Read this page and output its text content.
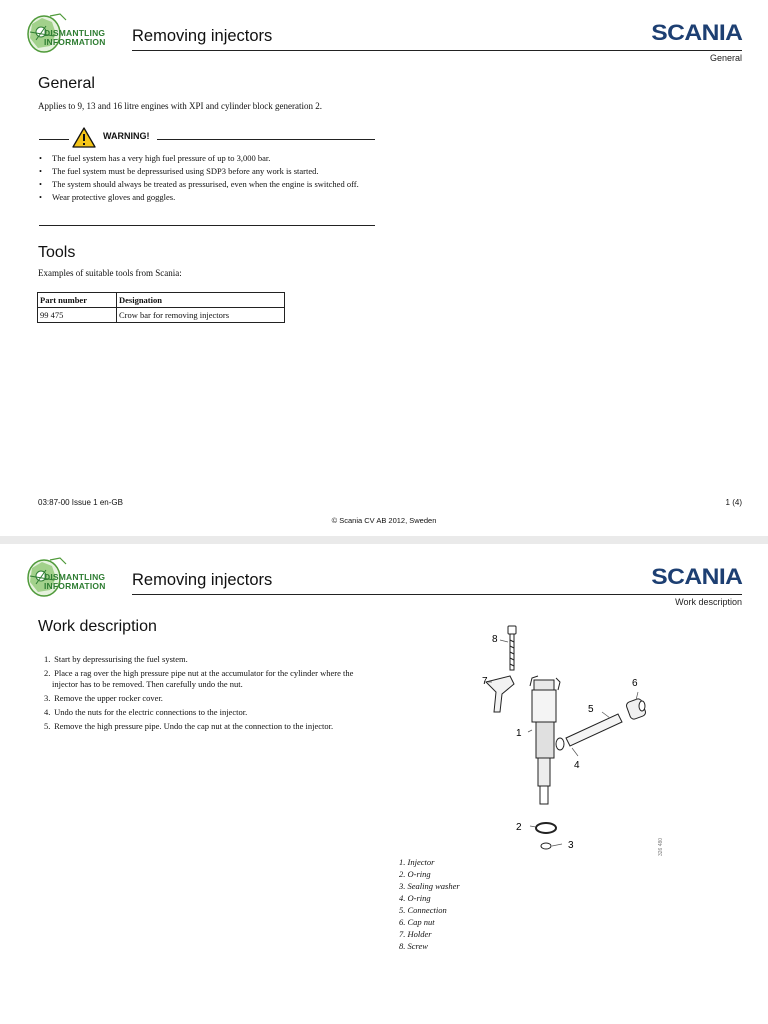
DISMANTLING
INFORMATION Removing injectors	SCANIA
General
General

Applies to 9, 13 and 16 litre engines with XPI and cylinder block generation 2.

WARNING!
• The fuel system has a very high fuel pressure of up to 3,000 bar.
• The fuel system must be depressurised using SDP3 before any work is started.
• The system should always be treated as pressurised, even when the engine is switched off.
• Wear protective gloves and goggles.
Tools

Examples of suitable tools from Scania:

Part number	Designation
99 475	Crow bar for removing injectors
03:87-00 Issue 1 en-GB	1 (4)
© Scania CV AB 2012, Sweden
DISMANTLING
INFORMATION Removing injectors	SCANIA
Work description
Work description
1. Start by depressurising the fuel system.
2. Place a rag over the high pressure pipe nut at the accumulator for the cylinder where the injector has to be removed. Then carefully undo the nut.
3. Remove the upper rocker cover.
4. Undo the nuts for the electric connections to the injector.
5. Remove the high pressure pipe. Undo the cap nut at the connection to the injector.
8
7
1
2
3
4
5
6
326 480
1. Injector
2. O-ring
3. Sealing washer
4. O-ring
5. Connection
6. Cap nut
7. Holder
8. Screw
